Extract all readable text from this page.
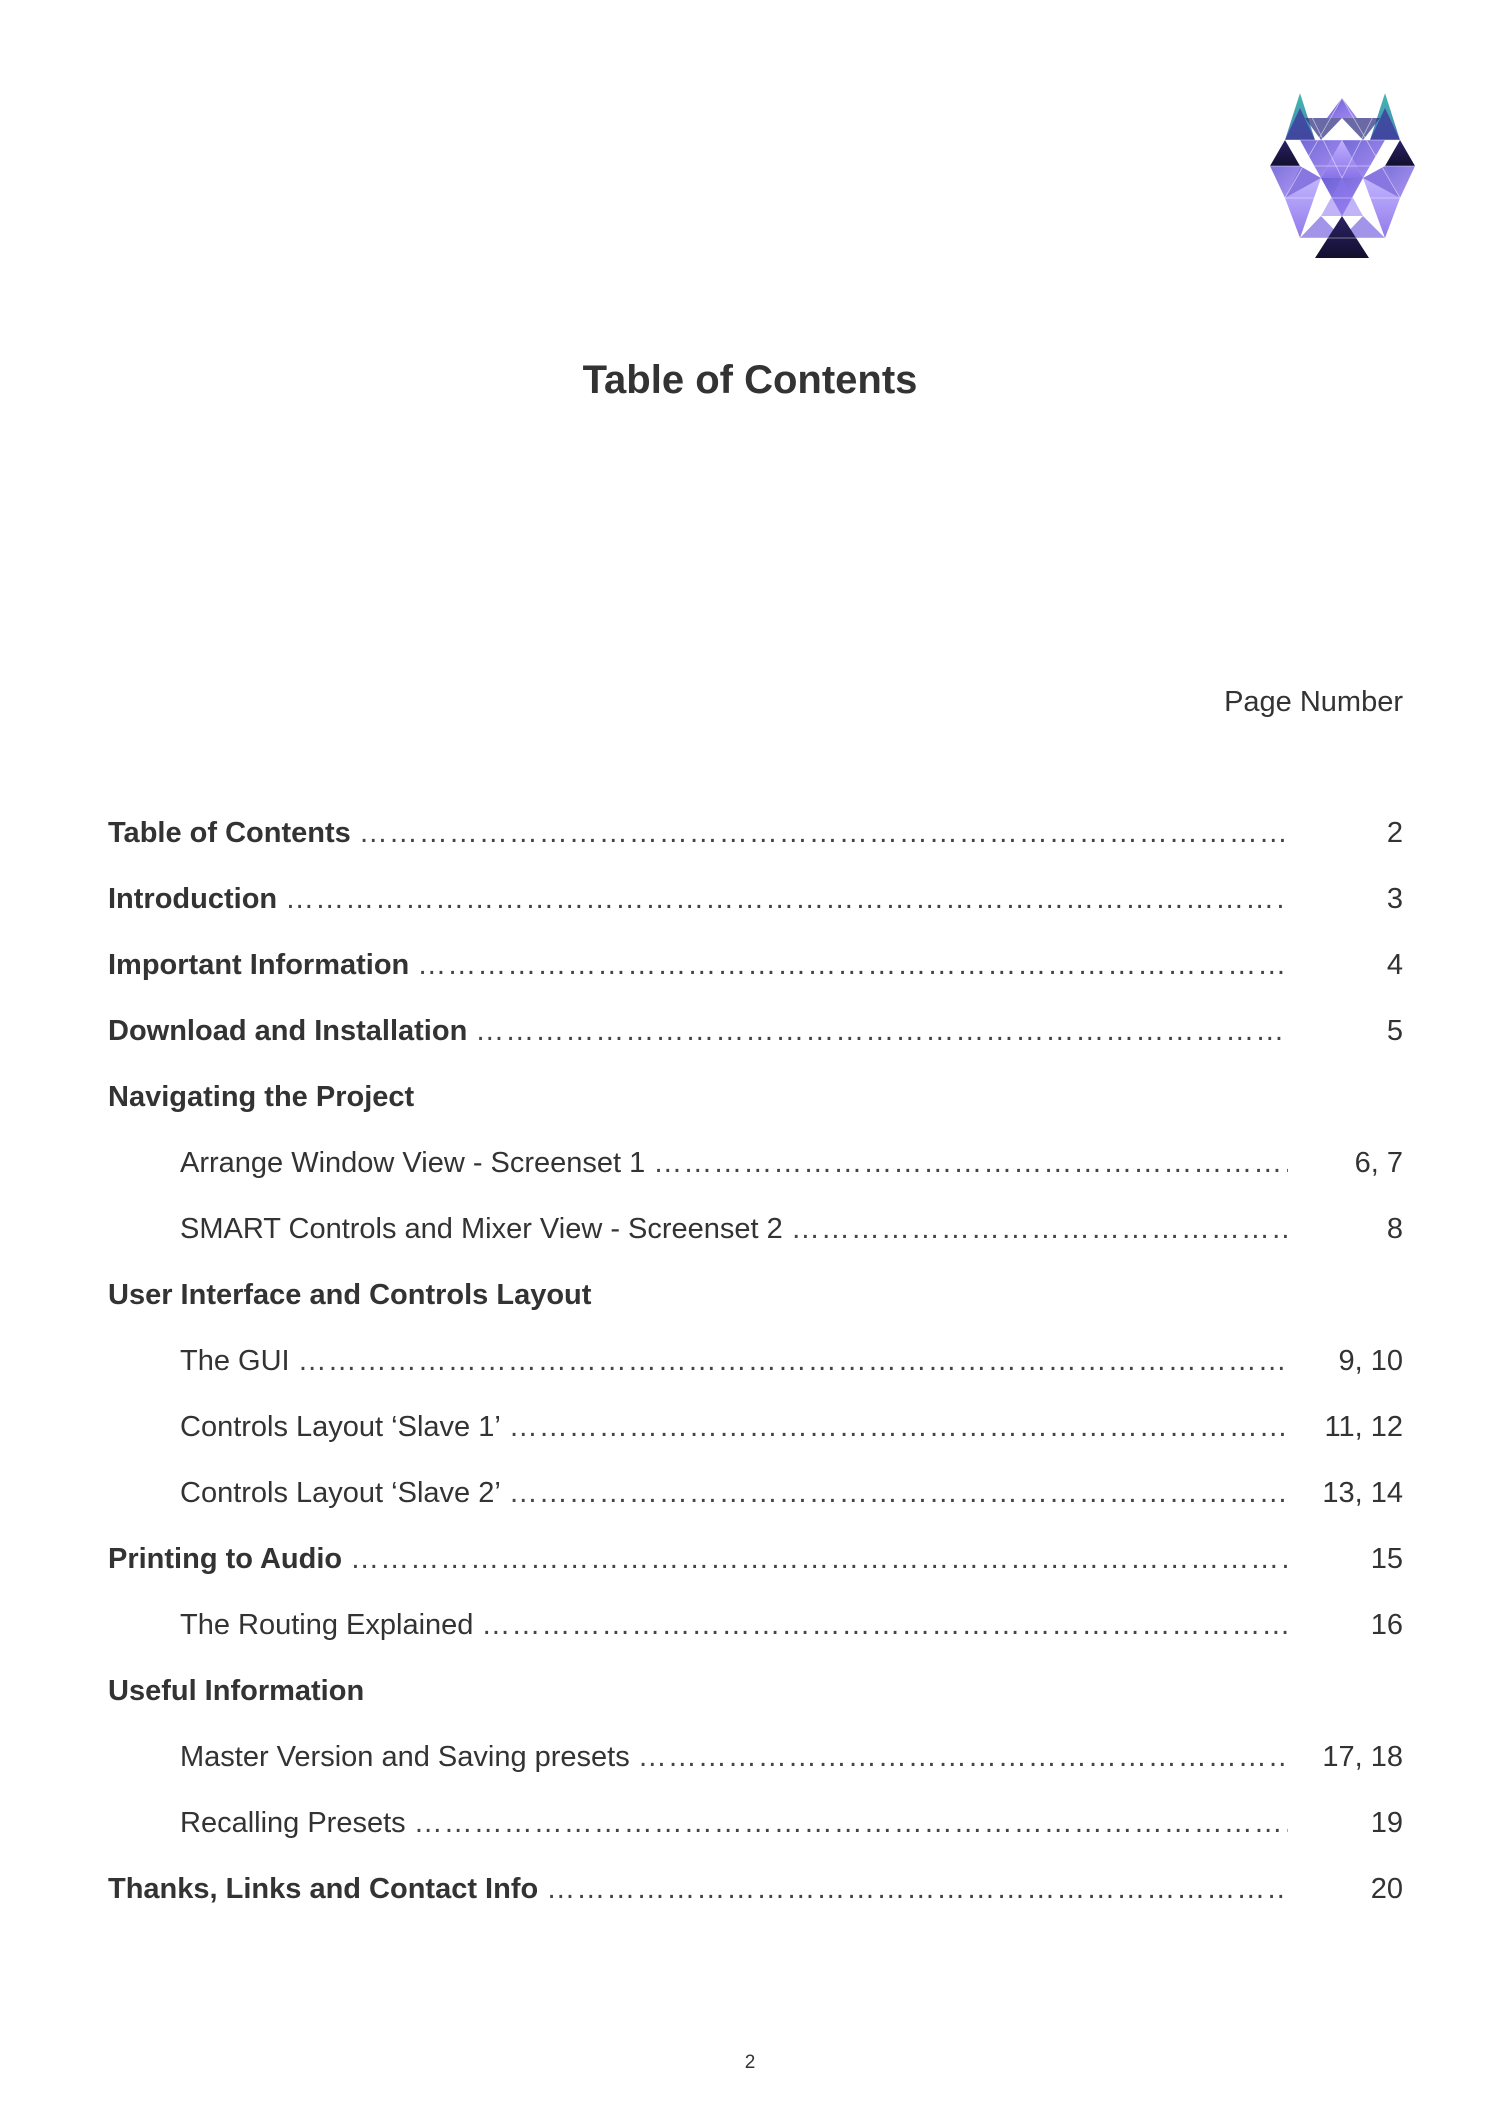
Table of Contents
Page Number
Table of Contents ……………………………………………………………………………………………………………………………………………………	2
Introduction ……………………………………………………………………………………………………………………………………………………	3
Important Information ……………………………………………………………………………………………………………………………………………………	4
Download and Installation ……………………………………………………………………………………………………………………………………………………	5
Navigating the Project
Arrange Window View - Screenset 1 ……………………………………………………………………………………………………………………………………………………	6, 7
SMART Controls and Mixer View - Screenset 2 ……………………………………………………………………………………………………………………………………………………	8
User Interface and Controls Layout
The GUI ……………………………………………………………………………………………………………………………………………………	9, 10
Controls Layout ‘Slave 1’ ……………………………………………………………………………………………………………………………………………………	11, 12
Controls Layout ‘Slave 2’ ……………………………………………………………………………………………………………………………………………………	13, 14
Printing to Audio ……………………………………………………………………………………………………………………………………………………	15
The Routing Explained ……………………………………………………………………………………………………………………………………………………	16
Useful Information
Master Version and Saving presets ……………………………………………………………………………………………………………………………………………………	17, 18
Recalling Presets ……………………………………………………………………………………………………………………………………………………	19
Thanks, Links and Contact Info ……………………………………………………………………………………………………………………………………………………	20
2
